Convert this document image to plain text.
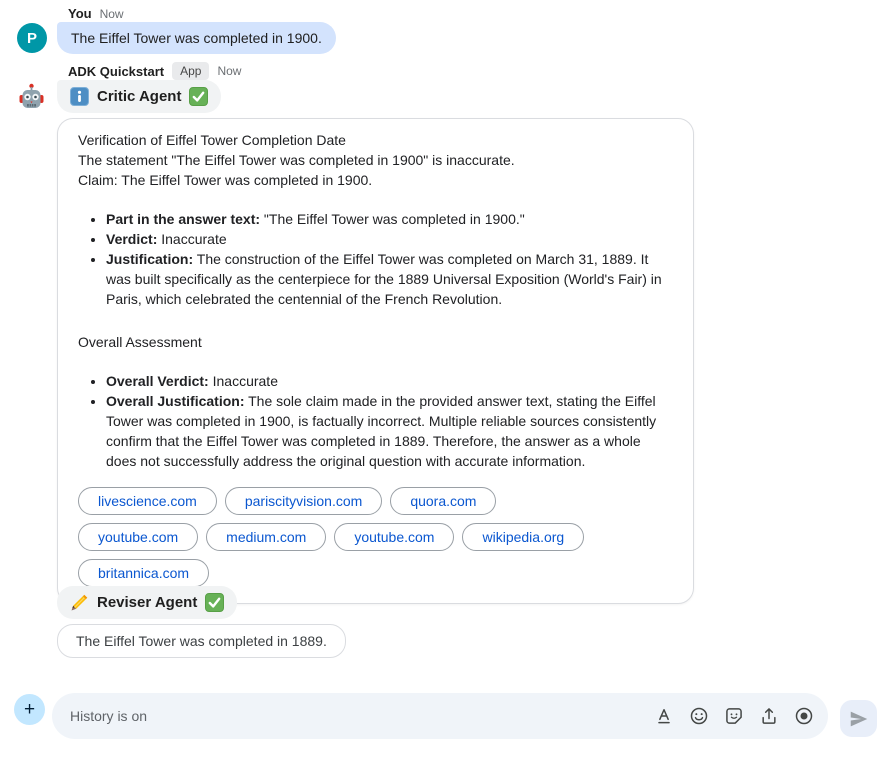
You Now
P	The Eiffel Tower was completed in 1900.
ADK Quickstart	App	Now
Critic Agent

Verification of Eiffel Tower Completion Date

The statement "The Eiffel Tower was completed in 1900" is inaccurate.

Claim: The Eiffel Tower was completed in 1900.

• Part in the answer text: "The Eiffel Tower was completed in 1900."
• Verdict: Inaccurate
• Justification: The construction of the Eiffel Tower was completed on March 31, 1889. It was built specifically as the centerpiece for the 1889 Universal Exposition (World's Fair) in Paris, which celebrated the centennial of the French Revolution.

Overall Assessment

• Overall Verdict: Inaccurate
• Overall Justification: The sole claim made in the provided answer text, stating the Eiffel Tower was completed in 1900, is factually incorrect. Multiple reliable sources consistently confirm that the Eiffel Tower was completed in 1889. Therefore, the answer as a whole does not successfully address the original question with accurate information.
livescience.com	pariscityvision.com	quora.com
youtube.com	medium.com	youtube.com	wikipedia.org
britannica.com
Reviser Agent
The Eiffel Tower was completed in 1889.
+
History is on
